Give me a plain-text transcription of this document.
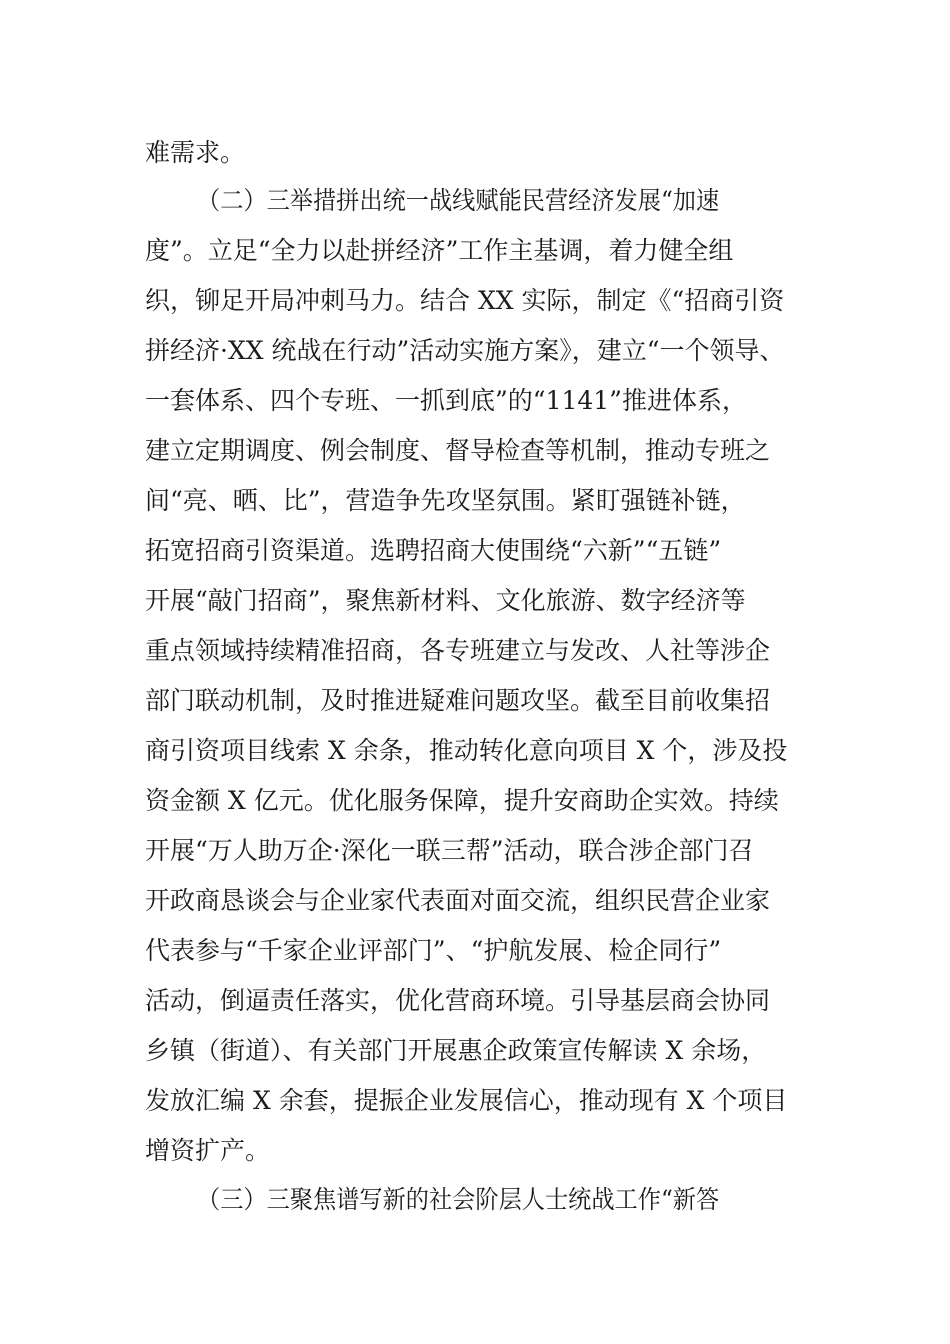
难需求。
（二）三举措拼出统一战线赋能民营经济发展“加速
度”。立足“全力以赴拼经济”工作主基调，着力健全组
织，铆足开局冲刺马力。结合 XX 实际，制定《“招商引资
拼经济·XX 统战在行动”活动实施方案》，建立“一个领导、
一套体系、四个专班、一抓到底”的“1141”推进体系，
建立定期调度、例会制度、督导检查等机制，推动专班之
间“亮、晒、比”，营造争先攻坚氛围。紧盯强链补链，
拓宽招商引资渠道。选聘招商大使围绕“六新”“五链”
开展“敲门招商”，聚焦新材料、文化旅游、数字经济等
重点领域持续精准招商，各专班建立与发改、人社等涉企
部门联动机制，及时推进疑难问题攻坚。截至目前收集招
商引资项目线索 X 余条，推动转化意向项目 X 个，涉及投
资金额 X 亿元。优化服务保障，提升安商助企实效。持续
开展“万人助万企·深化一联三帮”活动，联合涉企部门召
开政商恳谈会与企业家代表面对面交流，组织民营企业家
代表参与“千家企业评部门”、“护航发展、检企同行”
活动，倒逼责任落实，优化营商环境。引导基层商会协同
乡镇（街道）、有关部门开展惠企政策宣传解读 X 余场，
发放汇编 X 余套，提振企业发展信心，推动现有 X 个项目
增资扩产。
（三）三聚焦谱写新的社会阶层人士统战工作“新答
